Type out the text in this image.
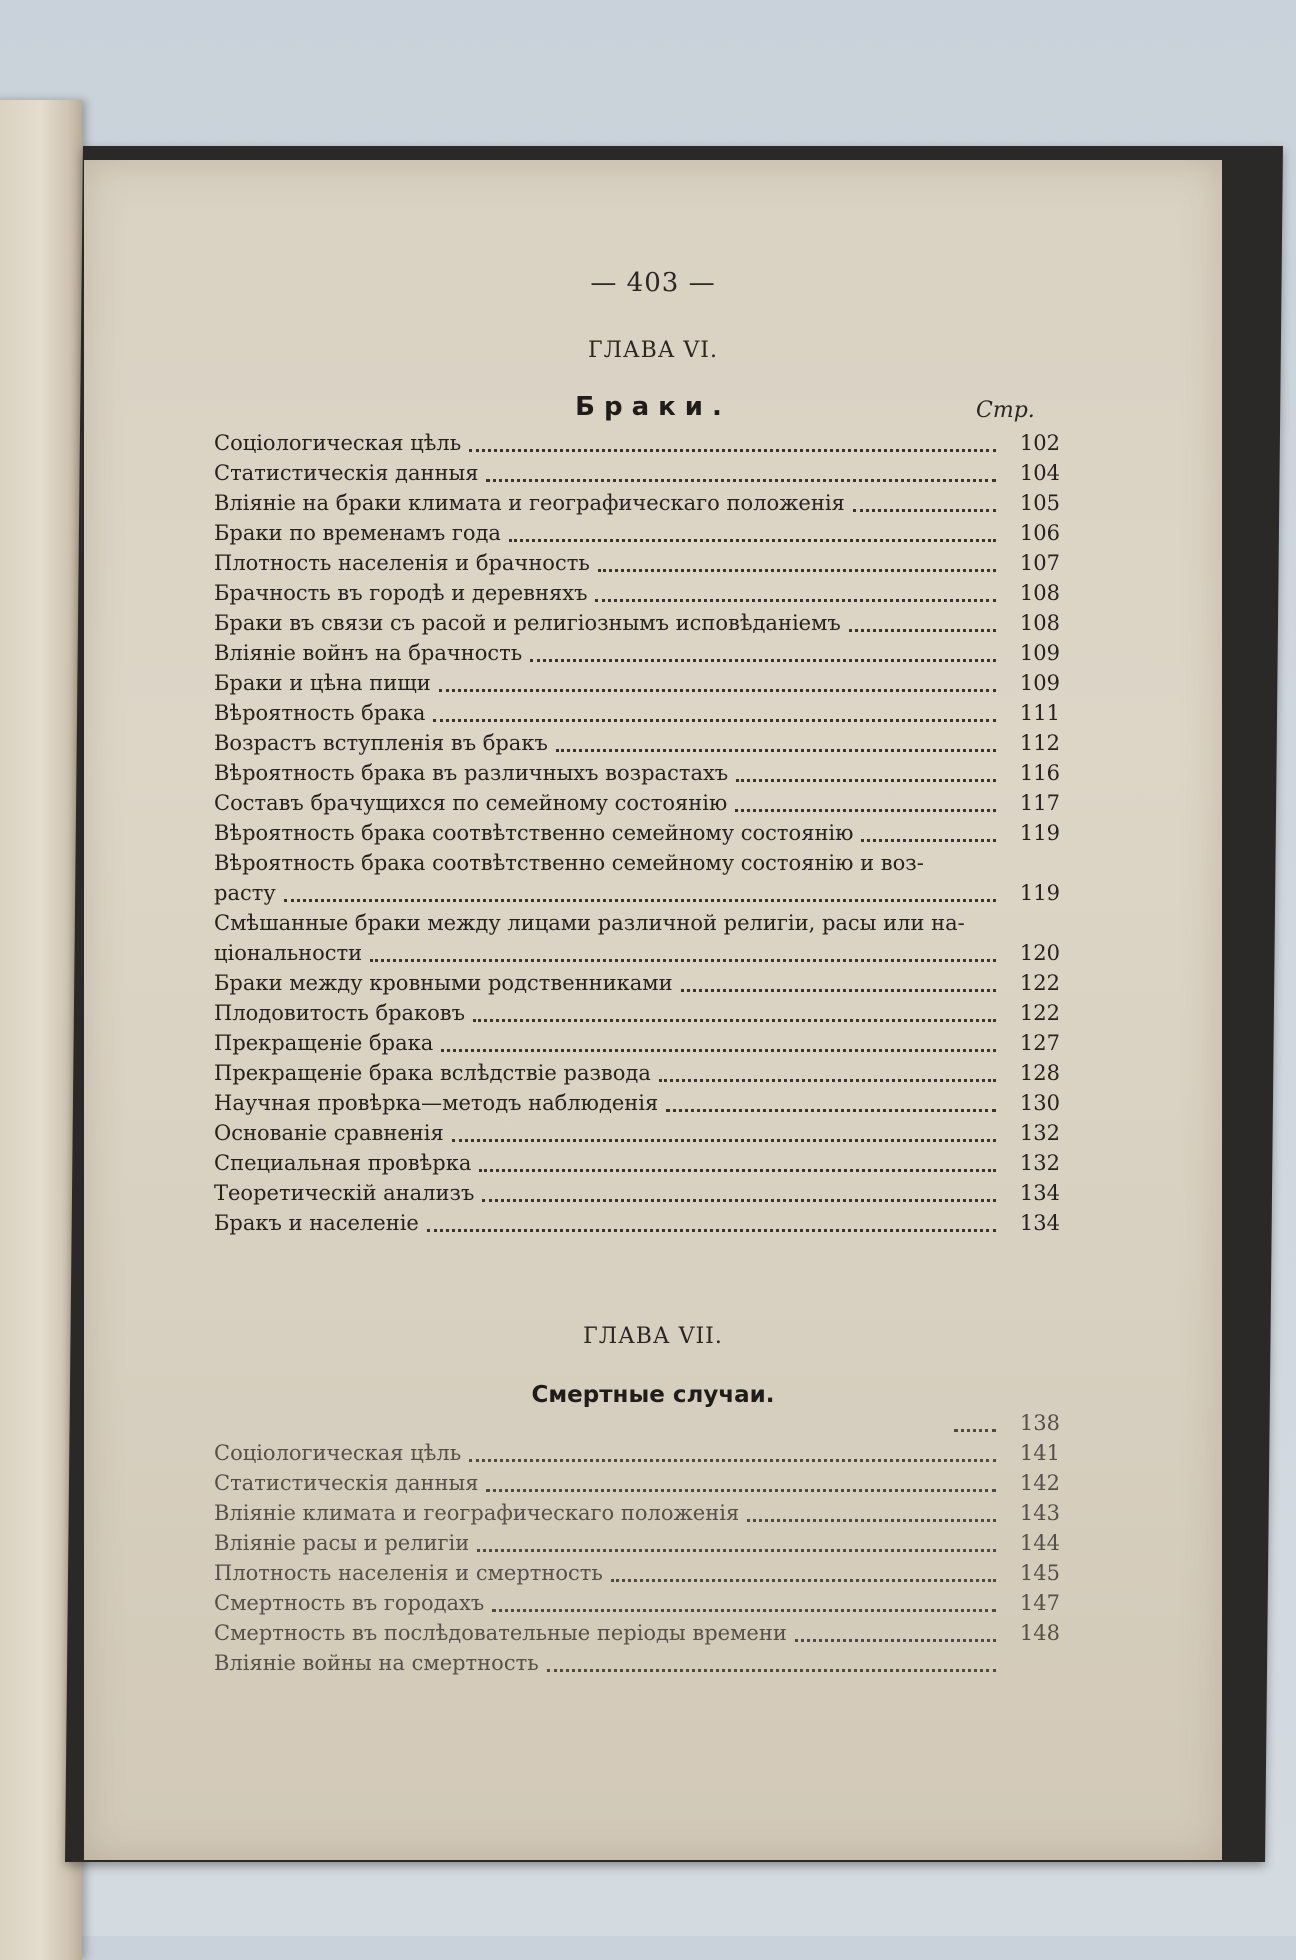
— 403 —
ГЛАВА VI.
Браки.	Стр.
Соціологическая цѣль	102
Статистическія данныя	104
Вліяніе на браки климата и географическаго положенія	105
Браки по временамъ года	106
Плотность населенія и брачность	107
Брачность въ городѣ и деревняхъ	108
Браки въ связи съ расой и религіознымъ исповѣданіемъ	108
Вліяніе войнъ на брачность	109
Браки и цѣна пищи	109
Вѣроятность брака	111
Возрастъ вступленія въ бракъ	112
Вѣроятность брака въ различныхъ возрастахъ	116
Составъ брачущихся по семейному состоянію	117
Вѣроятность брака соотвѣтственно семейному состоянію	119
Вѣроятность брака соотвѣтственно семейному состоянію и воз-
расту	119
Смѣшанные браки между лицами различной религіи, расы или на-
ціональности	120
Браки между кровными родственниками	122
Плодовитость браковъ	122
Прекращеніе брака	127
Прекращеніе брака вслѣдствіе развода	128
Научная провѣрка—методъ наблюденія	130
Основаніе сравненія	132
Специальная провѣрка	132
Теоретическій анализъ	134
Бракъ и населеніе	134
ГЛАВА VII.
Смертные случаи.
138
Соціологическая цѣль	141
Статистическія данныя	142
Вліяніе климата и географическаго положенія	143
Вліяніе расы и религіи	144
Плотность населенія и смертность	145
Смертность въ городахъ	147
Смертность въ послѣдовательные періоды времени	148
Вліяніе войны на смертность
